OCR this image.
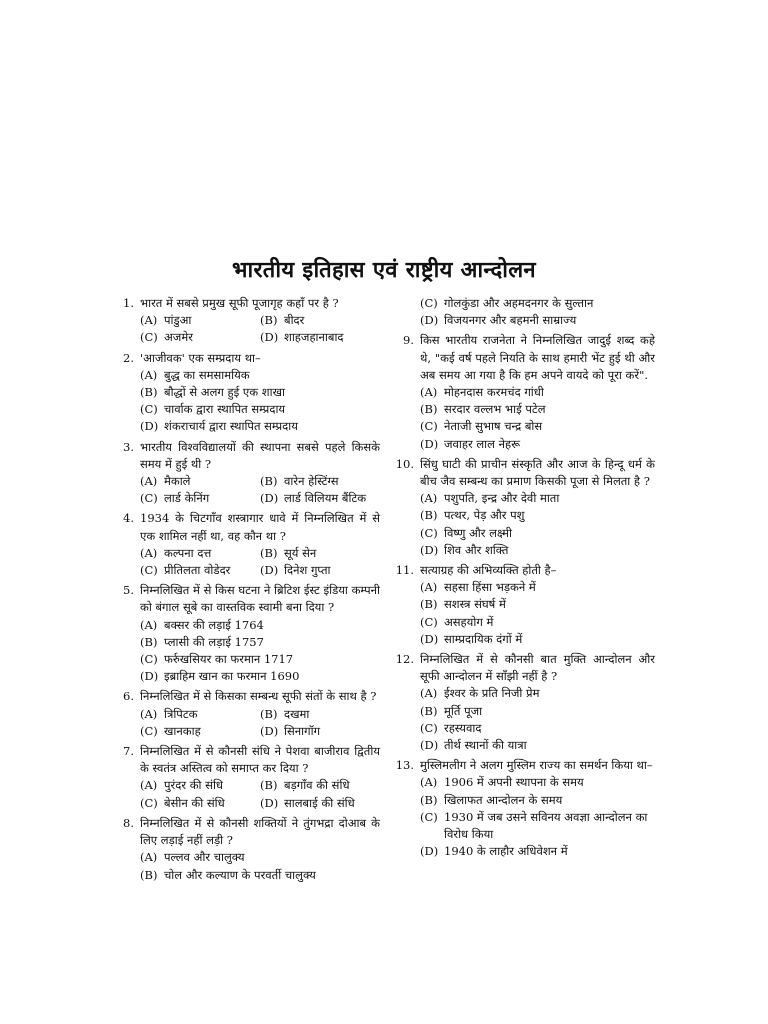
भारतीय इतिहास एवं राष्ट्रीय आन्दोलन
1. भारत में सबसे प्रमुख सूफी पूजागृह कहाँ पर है ?
(A) पांडुआ	(B) बीदर
(C) अजमेर	(D) शाहजहानाबाद
2. 'आजीवक' एक सम्प्रदाय था–
(A) बुद्ध का समसामयिक
(B) बौद्धों से अलग हुई एक शाखा
(C) चार्वाक द्वारा स्थापित सम्प्रदाय
(D) शंकराचार्य द्वारा स्थापित सम्प्रदाय
3. भारतीय विश्वविद्यालयों की स्थापना सबसे पहले किसके समय में हुई थी ?
(A) मैकाले	(B) वारेन हेस्टिंग्स
(C) लार्ड केनिंग	(D) लार्ड विलियम बैंटिक
4. 1934 के चिटगाँव शस्त्रागार धावे में निम्नलिखित में से एक शामिल नहीं था, वह कौन था ?
(A) कल्पना दत्त	(B) सूर्य सेन
(C) प्रीतिलता वोडेदर	(D) दिनेश गुप्ता
5. निम्नलिखित में से किस घटना ने ब्रिटिश ईस्ट इंडिया कम्पनी को बंगाल सूबे का वास्तविक स्वामी बना दिया ?
(A) बक्सर की लड़ाई 1764
(B) प्लासी की लड़ाई 1757
(C) फर्रुखसियर का फरमान 1717
(D) इब्राहिम खान का फरमान 1690
6. निम्नलिखित में से किसका सम्बन्ध सूफी संतों के साथ है ?
(A) त्रिपिटक	(B) दखमा
(C) खानकाह	(D) सिनागॉग
7. निम्नलिखित में से कौनसी संधि ने पेशवा बाजीराव द्वितीय के स्वतंत्र अस्तित्व को समाप्त कर दिया ?
(A) पुरंदर की संधि	(B) बड़गाँव की संधि
(C) बेसीन की संधि	(D) सालबाई की संधि
8. निम्नलिखित में से कौनसी शक्तियों ने तुंगभद्रा दोआब के लिए लड़ाई नहीं लड़ी ?
(A) पल्लव और चालुक्य
(B) चोल और कल्याण के परवर्ती चालुक्य
(C) गोलकुंडा और अहमदनगर के सुल्तान
(D) विजयनगर और बहमनी साम्राज्य
9. किस भारतीय राजनेता ने निम्नलिखित जादुई शब्द कहे थे, "कई वर्ष पहले नियति के साथ हमारी भेंट हुई थी और अब समय आ गया है कि हम अपने वायदे को पूरा करें".
(A) मोहनदास करमचंद गांधी
(B) सरदार वल्लभ भाई पटेल
(C) नेताजी सुभाष चन्द्र बोस
(D) जवाहर लाल नेहरू
10. सिंधु घाटी की प्राचीन संस्कृति और आज के हिन्दू धर्म के बीच जैव सम्बन्ध का प्रमाण किसकी पूजा से मिलता है ?
(A) पशुपति, इन्द्र और देवी माता
(B) पत्थर, पेड़ और पशु
(C) विष्णु और लक्ष्मी
(D) शिव और शक्ति
11. सत्याग्रह की अभिव्यक्ति होती है–
(A) सहसा हिंसा भड़कने में
(B) सशस्त्र संघर्ष में
(C) असहयोग में
(D) साम्प्रदायिक दंगों में
12. निम्नलिखित में से कौनसी बात मुक्ति आन्दोलन और सूफी आन्दोलन में साँझी नहीं है ?
(A) ईश्वर के प्रति निजी प्रेम
(B) मूर्ति पूजा
(C) रहस्यवाद
(D) तीर्थ स्थानों की यात्रा
13. मुस्लिमलीग ने अलग मुस्लिम राज्य का समर्थन किया था–
(A) 1906 में अपनी स्थापना के समय
(B) खिलाफत आन्दोलन के समय
(C) 1930 में जब उसने सविनय अवज्ञा आन्दोलन का विरोध किया
(D) 1940 के लाहौर अधिवेशन में
